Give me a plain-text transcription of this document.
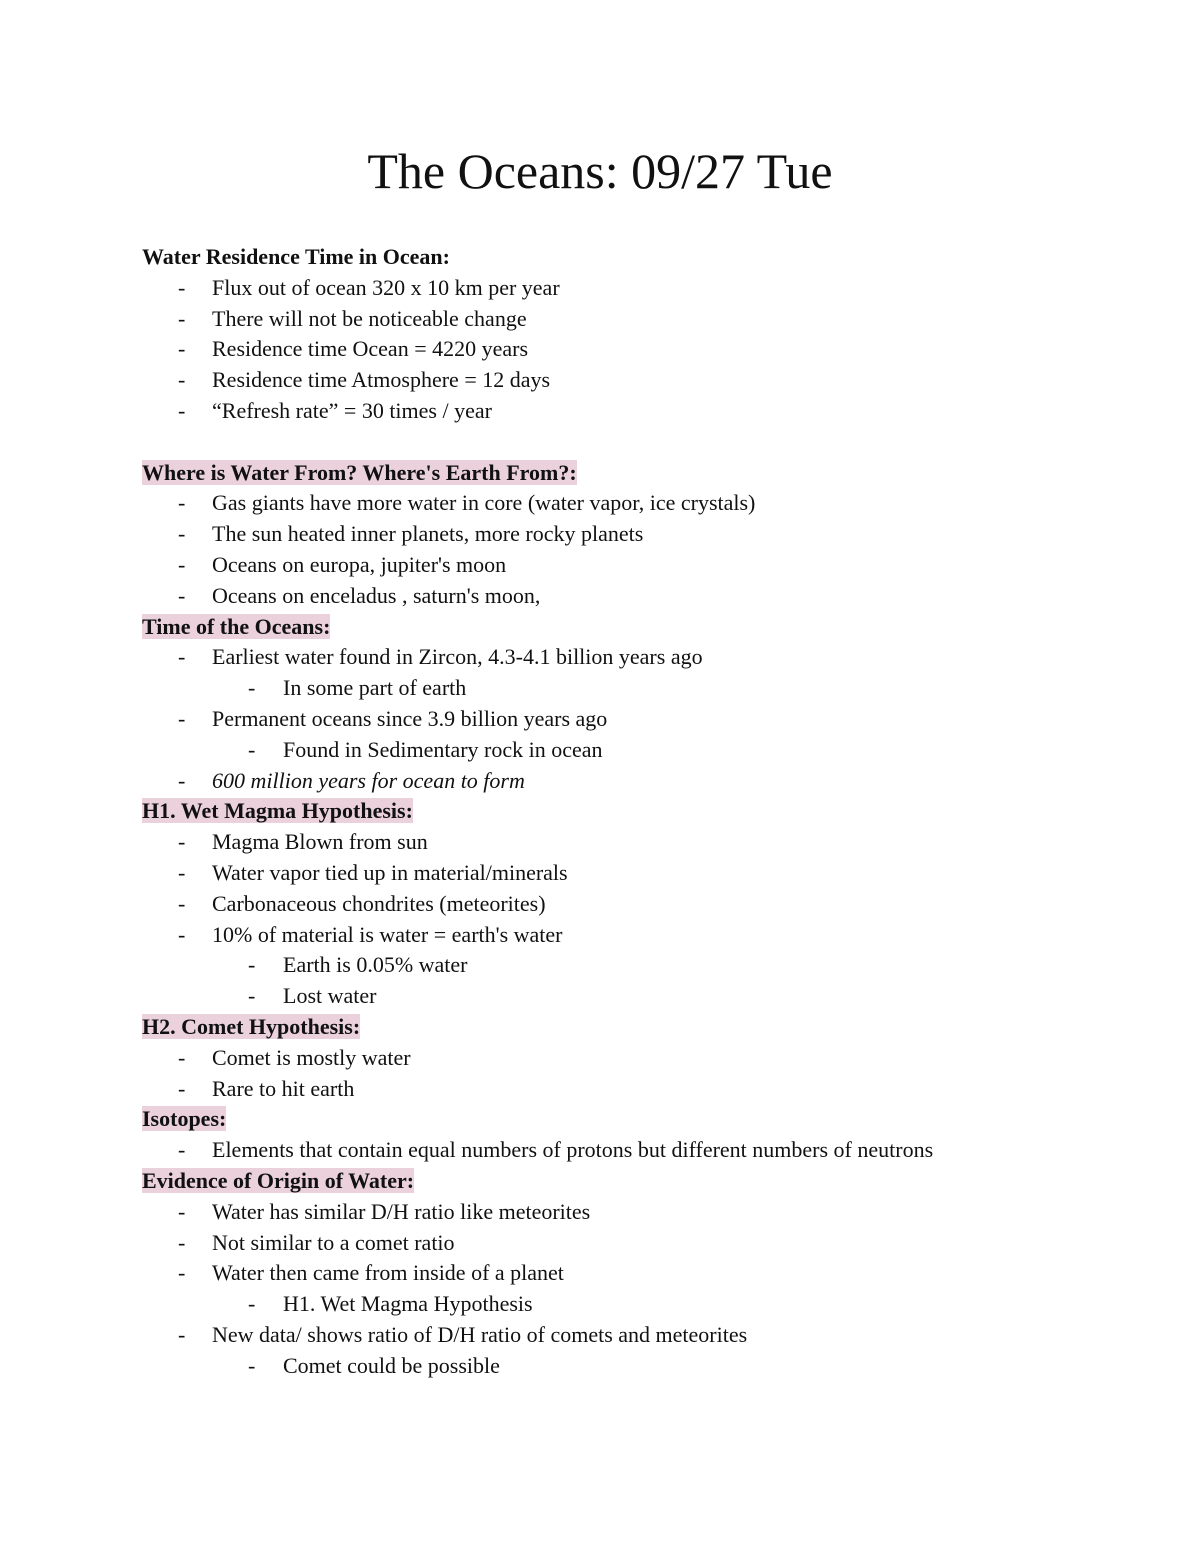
The Oceans: 09/27 Tue

Water Residence Time in Ocean:

- Flux out of ocean 320 x 10 km per year
- There will not be noticeable change
- Residence time Ocean = 4220 years
- Residence time Atmosphere = 12 days
- “Refresh rate” = 30 times / year

Where is Water From? Where's Earth From?:

- Gas giants have more water in core (water vapor, ice crystals)
- The sun heated inner planets, more rocky planets
- Oceans on europa, jupiter's moon
- Oceans on enceladus , saturn's moon,

Time of the Oceans:

- Earliest water found in Zircon, 4.3-4.1 billion years ago
- In some part of earth
- Permanent oceans since 3.9 billion years ago
- Found in Sedimentary rock in ocean
- 600 million years for ocean to form

H1. Wet Magma Hypothesis:

- Magma Blown from sun
- Water vapor tied up in material/minerals
- Carbonaceous chondrites (meteorites)
- 10% of material is water = earth's water
- Earth is 0.05% water
- Lost water

H2. Comet Hypothesis:

- Comet is mostly water
- Rare to hit earth

Isotopes:

- Elements that contain equal numbers of protons but different numbers of neutrons

Evidence of Origin of Water:

- Water has similar D/H ratio like meteorites
- Not similar to a comet ratio
- Water then came from inside of a planet
- H1. Wet Magma Hypothesis
- New data/ shows ratio of D/H ratio of comets and meteorites
- Comet could be possible
